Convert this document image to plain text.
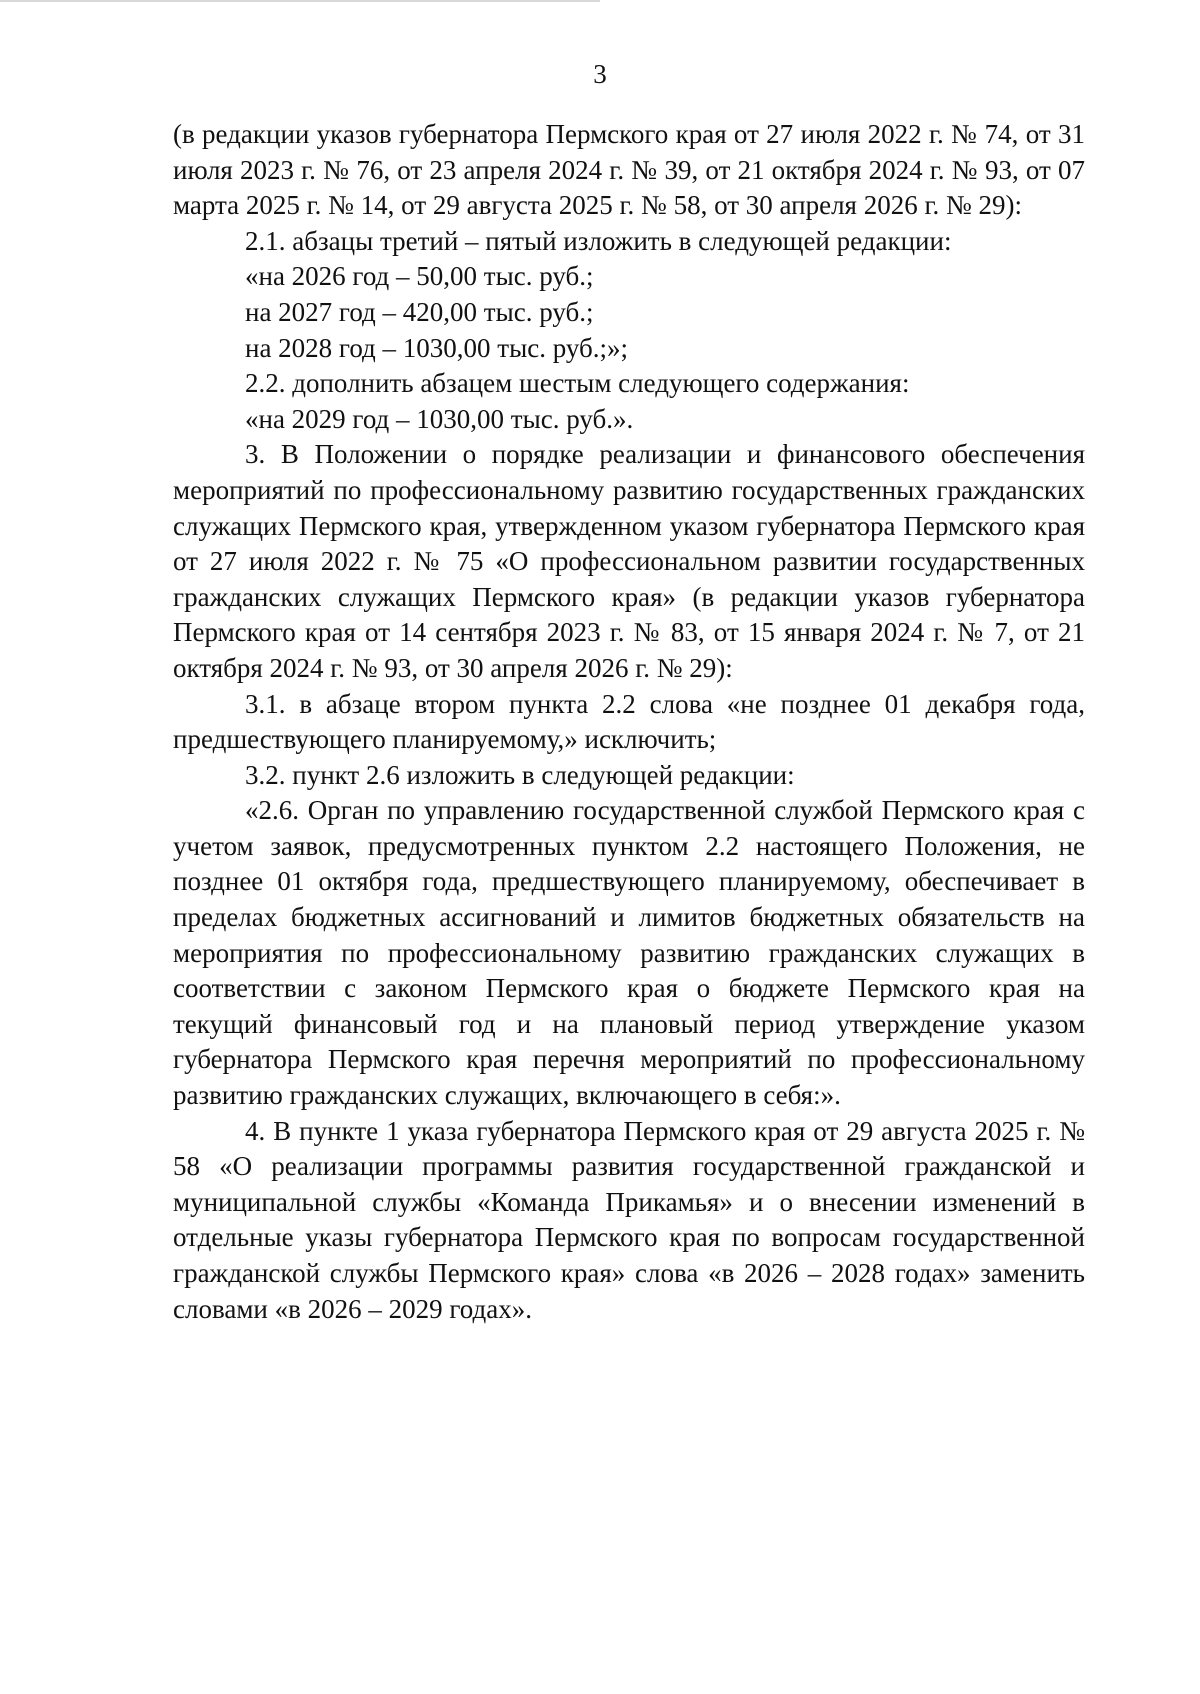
3

(в редакции указов губернатора Пермского края от 27 июля 2022 г. № 74, от 31 июля 2023 г. № 76, от 23 апреля 2024 г. № 39, от 21 октября 2024 г. № 93, от 07 марта 2025 г. № 14, от 29 августа 2025 г. № 58, от 30 апреля 2026 г. № 29):

2.1. абзацы третий – пятый изложить в следующей редакции:

«на 2026 год – 50,00 тыс. руб.;

на 2027 год – 420,00 тыс. руб.;

на 2028 год – 1030,00 тыс. руб.;»;

2.2. дополнить абзацем шестым следующего содержания:

«на 2029 год – 1030,00 тыс. руб.».

3. В Положении о порядке реализации и финансового обеспечения мероприятий по профессиональному развитию государственных гражданских служащих Пермского края, утвержденном указом губернатора Пермского края от 27 июля 2022 г. № 75 «О профессиональном развитии государственных гражданских служащих Пермского края» (в редакции указов губернатора Пермского края от 14 сентября 2023 г. № 83, от 15 января 2024 г. № 7, от 21 октября 2024 г. № 93, от 30 апреля 2026 г. № 29):

3.1. в абзаце втором пункта 2.2 слова «не позднее 01 декабря года, предшествующего планируемому,» исключить;

3.2. пункт 2.6 изложить в следующей редакции:

«2.6. Орган по управлению государственной службой Пермского края с учетом заявок, предусмотренных пунктом 2.2 настоящего Положения, не позднее 01 октября года, предшествующего планируемому, обеспечивает в пределах бюджетных ассигнований и лимитов бюджетных обязательств на мероприятия по профессиональному развитию гражданских служащих в соответствии с законом Пермского края о бюджете Пермского края на текущий финансовый год и на плановый период утверждение указом губернатора Пермского края перечня мероприятий по профессиональному развитию гражданских служащих, включающего в себя:».

4. В пункте 1 указа губернатора Пермского края от 29 августа 2025 г. № 58 «О реализации программы развития государственной гражданской и муниципальной службы «Команда Прикамья» и о внесении изменений в отдельные указы губернатора Пермского края по вопросам государственной гражданской службы Пермского края» слова «в 2026 – 2028 годах» заменить словами «в 2026 – 2029 годах».
